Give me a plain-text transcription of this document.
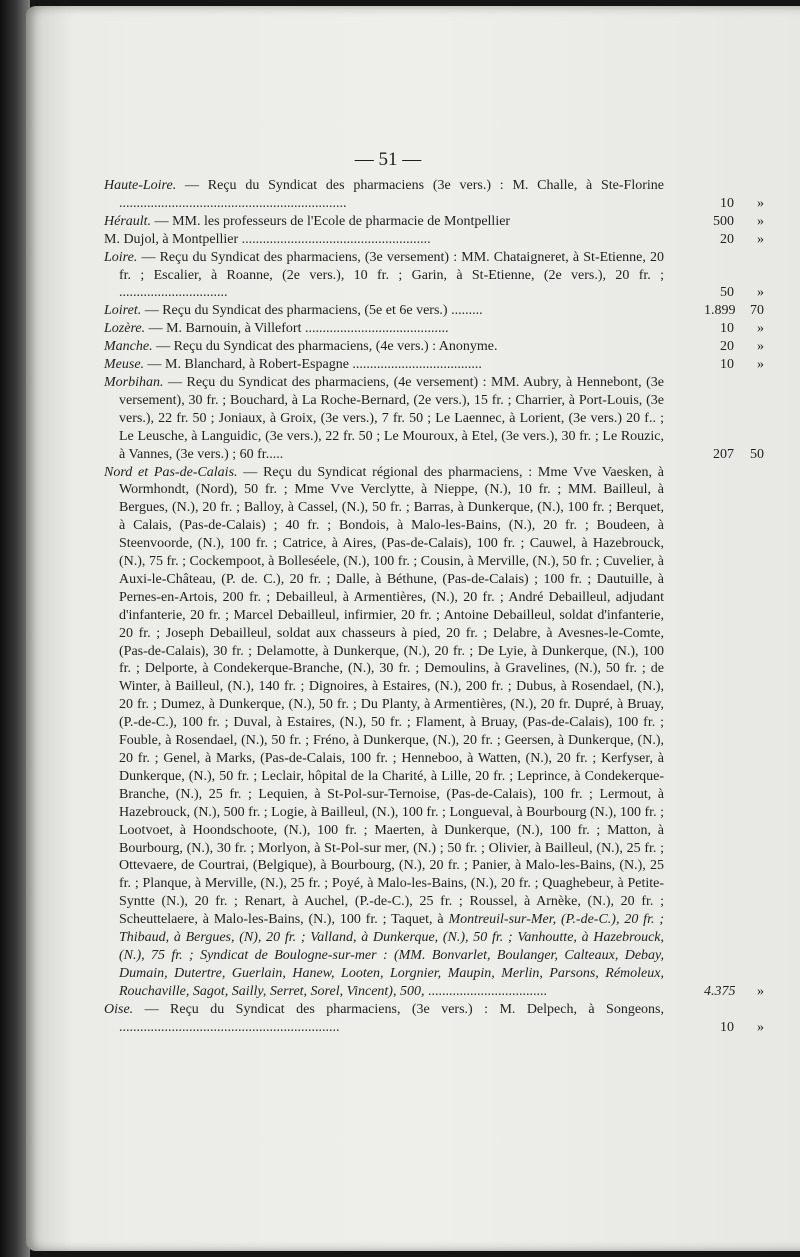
— 51 —
Haute-Loire. — Reçu du Syndicat des pharmaciens (3e vers.) : M. Challe, à Ste-Florine .................................................................	10 »
Hérault. — MM. les professeurs de l'Ecole de pharmacie de Montpellier	500 »
M. Dujol, à Montpellier ......................................................	20 »
Loire. — Reçu du Syndicat des pharmaciens, (3e versement) : MM. Chataigneret, à St-Etienne, 20 fr. ; Escalier, à Roanne, (2e vers.), 10 fr. ; Garin, à St-Etienne, (2e vers.), 20 fr. ; ...............................	50 »
Loiret. — Reçu du Syndicat des pharmaciens, (5e et 6e vers.) .........	1.899 70
Lozère. — M. Barnouin, à Villefort .........................................	10 »
Manche. — Reçu du Syndicat des pharmaciens, (4e vers.) : Anonyme.	20 »
Meuse. — M. Blanchard, à Robert-Espagne .....................................	10 »
Morbihan. — Reçu du Syndicat des pharmaciens, (4e versement) : MM. Aubry, à Hennebont, (3e versement), 30 fr. ; Bouchard, à La Roche-Bernard, (2e vers.), 15 fr. ; Charrier, à Port-Louis, (3e vers.), 22 fr. 50 ; Joniaux, à Groix, (3e vers.), 7 fr. 50 ; Le Laennec, à Lorient, (3e vers.) 20 f.. ; Le Leusche, à Languidic, (3e vers.), 22 fr. 50 ; Le Mouroux, à Etel, (3e vers.), 30 fr. ; Le Rouzic, à Vannes, (3e vers.) ; 60 fr.....	207 50
Nord et Pas-de-Calais. — Reçu du Syndicat régional des pharmaciens, : Mme Vve Vaesken, à Wormhondt, (Nord), 50 fr. ; Mme Vve Verclytte, à Nieppe, (N.), 10 fr. ; MM. Bailleul, à Bergues, (N.), 20 fr. ; Balloy, à Cassel, (N.), 50 fr. ; Barras, à Dunkerque, (N.), 100 fr. ; Berquet, à Calais, (Pas-de-Calais) ; 40 fr. ; Bondois, à Malo-les-Bains, (N.), 20 fr. ; Boudeen, à Steenvoorde, (N.), 100 fr. ; Catrice, à Aires, (Pas-de-Calais), 100 fr. ; Cauwel, à Hazebrouck, (N.), 75 fr. ; Cockempoot, à Bolleséele, (N.), 100 fr. ; Cousin, à Merville, (N.), 50 fr. ; Cuvelier, à Auxi-le-Château, (P. de. C.), 20 fr. ; Dalle, à Béthune, (Pas-de-Calais) ; 100 fr. ; Dautuille, à Pernes-en-Artois, 200 fr. ; Debailleul, à Armentières, (N.), 20 fr. ; André Debailleul, adjudant d'infanterie, 20 fr. ; Marcel Debailleul, infirmier, 20 fr. ; Antoine Debailleul, soldat d'infanterie, 20 fr. ; Joseph Debailleul, soldat aux chasseurs à pied, 20 fr. ; Delabre, à Avesnes-le-Comte, (Pas-de-Calais), 30 fr. ; Delamotte, à Dunkerque, (N.), 20 fr. ; De Lyie, à Dunkerque, (N.), 100 fr. ; Delporte, à Condekerque-Branche, (N.), 30 fr. ; Demoulins, à Gravelines, (N.), 50 fr. ; de Winter, à Bailleul, (N.), 140 fr. ; Dignoires, à Estaires, (N.), 200 fr. ; Dubus, à Rosendael, (N.), 20 fr. ; Dumez, à Dunkerque, (N.), 50 fr. ; Du Planty, à Armentières, (N.), 20 fr. Dupré, à Bruay, (P.-de-C.), 100 fr. ; Duval, à Estaires, (N.), 50 fr. ; Flament, à Bruay, (Pas-de-Calais), 100 fr. ; Fouble, à Rosendael, (N.), 50 fr. ; Fréno, à Dunkerque, (N.), 20 fr. ; Geersen, à Dunkerque, (N.), 20 fr. ; Genel, à Marks, (Pas-de-Calais, 100 fr. ; Henneboo, à Watten, (N.), 20 fr. ; Kerfyser, à Dunkerque, (N.), 50 fr. ; Leclair, hôpital de la Charité, à Lille, 20 fr. ; Leprince, à Condekerque-Branche, (N.), 25 fr. ; Lequien, à St-Pol-sur-Ternoise, (Pas-de-Calais), 100 fr. ; Lermout, à Hazebrouck, (N.), 500 fr. ; Logie, à Bailleul, (N.), 100 fr. ; Longueval, à Bourbourg (N.), 100 fr. ; Lootvoet, à Hoondschoote, (N.), 100 fr. ; Maerten, à Dunkerque, (N.), 100 fr. ; Matton, à Bourbourg, (N.), 30 fr. ; Morlyon, à St-Pol-sur mer, (N.) ; 50 fr. ; Olivier, à Bailleul, (N.), 25 fr. ; Ottevaere, de Courtrai, (Belgique), à Bourbourg, (N.), 20 fr. ; Panier, à Malo-les-Bains, (N.), 25 fr. ; Planque, à Merville, (N.), 25 fr. ; Poyé, à Malo-les-Bains, (N.), 20 fr. ; Quaghebeur, à Petite-Syntte (N.), 20 fr. ; Renart, à Auchel, (P.-de-C.), 25 fr. ; Roussel, à Arnèke, (N.), 20 fr. ; Scheuttelaere, à Malo-les-Bains, (N.), 100 fr. ; Taquet, à Montreuil-sur-Mer, (P.-de-C.), 20 fr. ; Thibaud, à Bergues, (N), 20 fr. ; Valland, à Dunkerque, (N.), 50 fr. ; Vanhoutte, à Hazebrouck, (N.), 75 fr. ; Syndicat de Boulogne-sur-mer : (MM. Bonvarlet, Boulanger, Calteaux, Debay, Dumain, Dutertre, Guerlain, Hanew, Looten, Lorgnier, Maupin, Merlin, Parsons, Rémoleux, Rouchaville, Sagot, Sailly, Serret, Sorel, Vincent), 500, ..................................	4.375 »
Oise. — Reçu du Syndicat des pharmaciens, (3e vers.) : M. Delpech, à Songeons, ...............................................................	10 »
